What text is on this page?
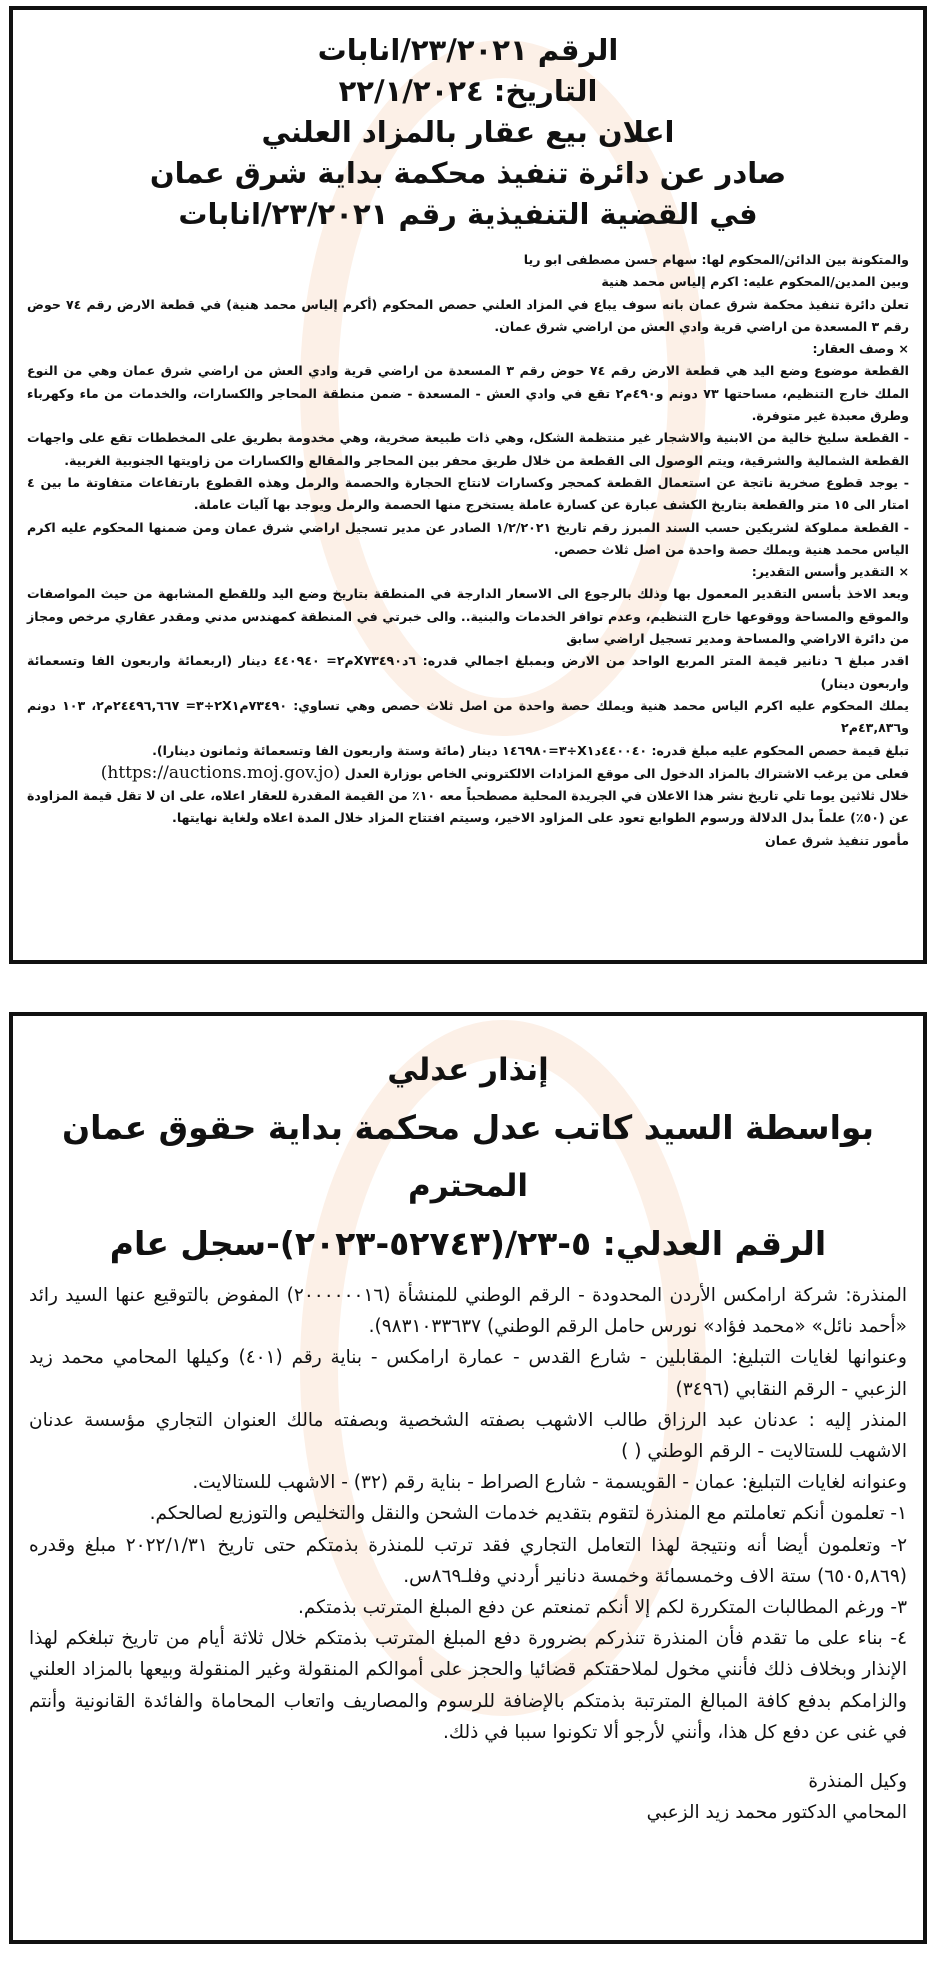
الرقم ٢٣/٢٠٢١/انابات

التاريخ: ٢٢/١/٢٠٢٤

اعلان بيع عقار بالمزاد العلني

صادر عن دائرة تنفيذ محكمة بداية شرق عمان

في القضية التنفيذية رقم ٢٣/٢٠٢١/انابات

والمتكونة بين الدائن/المحكوم لها: سهام حسن مصطفى ابو ريا

وبين المدين/المحكوم عليه: اكرم إلياس محمد هنية

تعلن دائرة تنفيذ محكمة شرق عمان بانه سوف يباع في المزاد العلني حصص المحكوم (أكرم إلياس محمد هنية) في قطعة الارض رقم ٧٤ حوض رقم ٣ المسعدة من اراضي قرية وادي العش من اراضي شرق عمان.

× وصف العقار:

القطعة موضوع وضع اليد هي قطعة الارض رقم ٧٤ حوض رقم ٣ المسعدة من اراضي قرية وادي العش من اراضي شرق عمان وهي من النوع الملك خارج التنظيم، مساحتها ٧٣ دونم و٤٩٠م٢ تقع في وادي العش - المسعدة - ضمن منطقة المحاجر والكسارات، والخدمات من ماء وكهرباء وطرق معبدة غير متوفرة.

- القطعة سليخ خالية من الابنية والاشجار غير منتظمة الشكل، وهي ذات طبيعة صخرية، وهي مخدومة بطريق على المخططات تقع على واجهات القطعة الشمالية والشرقية، ويتم الوصول الى القطعة من خلال طريق محفر بين المحاجر والمقالع والكسارات من زاويتها الجنوبية الغربية.

- يوجد قطوع صخرية ناتجة عن استعمال القطعة كمحجر وكسارات لانتاج الحجارة والحصمة والرمل وهذه القطوع بارتفاعات متفاوتة ما بين ٤ امتار الى ١٥ متر والقطعة بتاريخ الكشف عبارة عن كسارة عاملة يستخرج منها الحصمة والرمل ويوجد بها آليات عاملة.

- القطعة مملوكة لشريكين حسب السند المبرز رقم تاريخ ١/٢/٢٠٢١ الصادر عن مدير تسجيل اراضي شرق عمان ومن ضمنها المحكوم عليه اكرم الياس محمد هنية ويملك حصة واحدة من اصل ثلاث حصص.

× التقدير وأسس التقدير:

وبعد الاخذ بأسس التقدير المعمول بها وذلك بالرجوع الى الاسعار الدارجة في المنطقة بتاريخ وضع اليد وللقطع المشابهة من حيث المواصفات والموقع والمساحة ووقوعها خارج التنظيم، وعدم توافر الخدمات والبنية.. والى خبرتي في المنطقة كمهندس مدني ومقدر عقاري مرخص ومجاز من دائرة الاراضي والمساحة ومدير تسجيل اراضي سابق

اقدر مبلغ ٦ دنانير قيمة المتر المربع الواحد من الارض وبمبلغ اجمالي قدره: ٦دX٧٣٤٩٠م٢= ٤٤٠٩٤٠ دينار (اربعمائة واربعون الفا وتسعمائة واربعون دينار)

يملك المحكوم عليه اكرم الياس محمد هنية ويملك حصة واحدة من اصل ثلاث حصص وهي تساوي: ٧٣٤٩٠م٢X١÷٣= ٢٤٤٩٦,٦٦٧م٢، ١٠٣ دونم و٤٣,٨٣٦م٢

تبلغ قيمة حصص المحكوم عليه مبلغ قدره: ٤٤٠٠٤٠دX١÷٣=١٤٦٩٨٠ دينار (مائة وستة واربعون الفا وتسعمائة وثمانون دينارا).

فعلى من يرغب الاشتراك بالمزاد الدخول الى موقع المزادات الالكتروني الخاص بوزارة العدل (https://auctions.moj.gov.jo)

خلال ثلاثين يوما تلي تاريخ نشر هذا الاعلان في الجريدة المحلية مصطحباً معه ١٠٪ من القيمة المقدرة للعقار اعلاه، على ان لا تقل قيمة المزاودة عن (٥٠٪) علماً بدل الدلالة ورسوم الطوابع تعود على المزاود الاخير، وسيتم افتتاح المزاد خلال المدة اعلاه ولغاية نهايتها.

مأمور تنفيذ شرق عمان

إنذار عدلي

بواسطة السيد كاتب عدل محكمة بداية حقوق عمان

المحترم

الرقم العدلي: ٥-٢٣/(٥٢٧٤٣-٢٠٢٣)-سجل عام

المنذرة: شركة ارامكس الأردن المحدودة - الرقم الوطني للمنشأة (٢٠٠٠٠٠٠١٦) المفوض بالتوقيع عنها السيد رائد «أحمد نائل» «محمد فؤاد» نورس حامل الرقم الوطني) ٩٨٣١٠٣٣٦٣٧).

وعنوانها لغايات التبليغ: المقابلين - شارع القدس - عمارة ارامكس - بناية رقم (٤٠١) وكيلها المحامي محمد زيد الزعبي - الرقم النقابي (٣٤٩٦)

المنذر إليه : عدنان عبد الرزاق طالب الاشهب بصفته الشخصية وبصفته مالك العنوان التجاري مؤسسة عدنان الاشهب للستالايت - الرقم الوطني ( )

وعنوانه لغايات التبليغ: عمان - القويسمة - شارع الصراط - بناية رقم (٣٢) - الاشهب للستالايت.

١- تعلمون أنكم تعاملتم مع المنذرة لتقوم بتقديم خدمات الشحن والنقل والتخليص والتوزيع لصالحكم.

٢- وتعلمون أيضا أنه ونتيجة لهذا التعامل التجاري فقد ترتب للمنذرة بذمتكم حتى تاريخ ٢٠٢٢/١/٣١ مبلغ وقدره (٦٥٠٥,٨٦٩) ستة الاف وخمسمائة وخمسة دنانير أردني وفلـ٨٦٩س.

٣- ورغم المطالبات المتكررة لكم إلا أنكم تمنعتم عن دفع المبلغ المترتب بذمتكم.

٤- بناء على ما تقدم فأن المنذرة تنذركم بضرورة دفع المبلغ المترتب بذمتكم خلال ثلاثة أيام من تاريخ تبلغكم لهذا الإنذار وبخلاف ذلك فأنني مخول لملاحقتكم قضائيا والحجز على أموالكم المنقولة وغير المنقولة وبيعها بالمزاد العلني والزامكم بدفع كافة المبالغ المترتبة بذمتكم بالإضافة للرسوم والمصاريف واتعاب المحاماة والفائدة القانونية وأنتم في غنى عن دفع كل هذا، وأنني لأرجو ألا تكونوا سببا في ذلك.

وكيل المنذرة

المحامي الدكتور محمد زيد الزعبي
